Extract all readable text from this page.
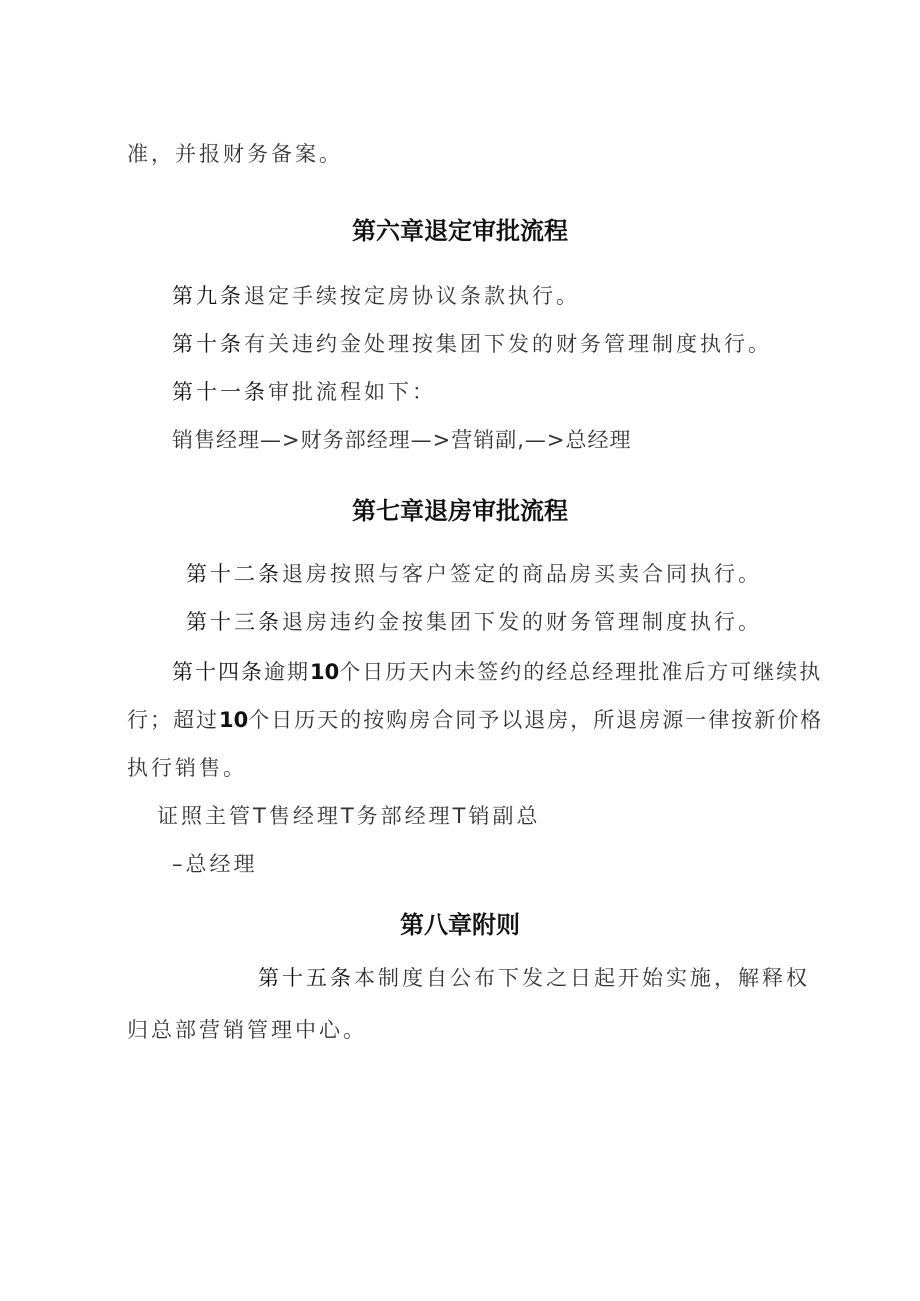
准，并报财务备案。
第六章退定审批流程
第九条退定手续按定房协议条款执行。
第十条有关违约金处理按集团下发的财务管理制度执行。
第十一条审批流程如下：
销售经理—>财务部经理—>营销副,—>总经理
第七章退房审批流程
第十二条退房按照与客户签定的商品房买卖合同执行。
第十三条退房违约金按集团下发的财务管理制度执行。
第十四条逾期10个日历天内未签约的经总经理批准后方可继续执
行；超过10个日历天的按购房合同予以退房，所退房源一律按新价格
执行销售。
证照主管T售经理T务部经理T销副总
–总经理
第八章附则
第十五条本制度自公布下发之日起开始实施，解释权
归总部营销管理中心。
